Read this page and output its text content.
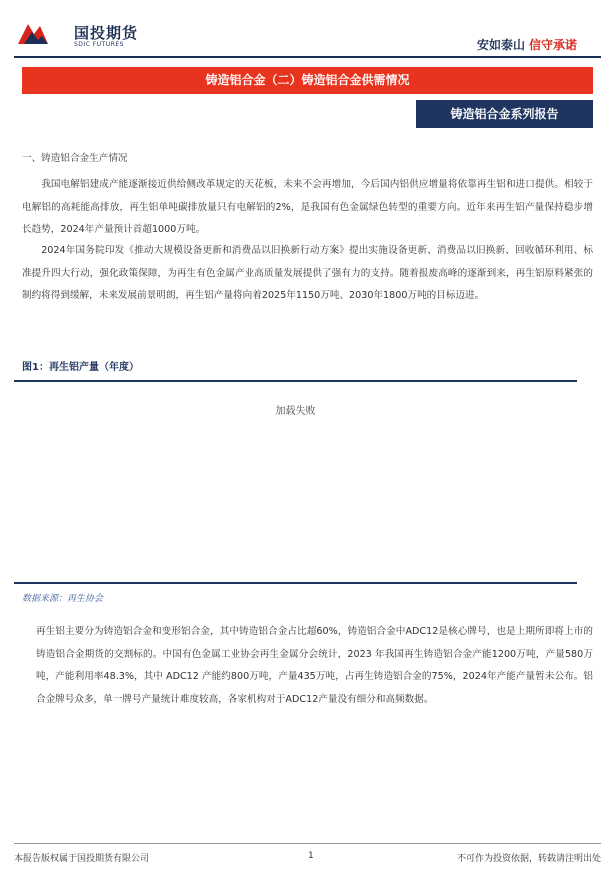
国投期货
SDIC FUTURES	安如泰山 信守承诺
铸造铝合金（二）铸造铝合金供需情况
铸造铝合金系列报告
一、铸造铝合金生产情况

我国电解铝建成产能逐渐接近供给侧改革规定的天花板，未来不会再增加，今后国内铝供应增量将依靠再生铝和进口提供。相较于电解铝的高耗能高排放，再生铝单吨碳排放量只有电解铝的2%，是我国有色金属绿色转型的重要方向。近年来再生铝产量保持稳步增长趋势，2024年产量预计首超1000万吨。

2024年国务院印发《推动大规模设备更新和消费品以旧换新行动方案》提出实施设备更新、消费品以旧换新、回收循环利用、标准提升四大行动，强化政策保障，为再生有色金属产业高质量发展提供了强有力的支持。随着报废高峰的逐渐到来，再生铝原料紧张的制约将得到缓解，未来发展前景明朗，再生铝产量将向着2025年1150万吨、2030年1800万吨的目标迈进。

图1：再生铝产量（年度）
加载失败
数据来源：再生协会

再生铝主要分为铸造铝合金和变形铝合金，其中铸造铝合金占比超60%，铸造铝合金中ADC12是核心牌号，也是上期所即将上市的铸造铝合金期货的交割标的。中国有色金属工业协会再生金属分会统计，2023 年我国再生铸造铝合金产能1200万吨，产量580万吨，产能利用率48.3%，其中 ADC12 产能约800万吨，产量435万吨，占再生铸造铝合金的75%，2024年产能产量暂未公布。铝合金牌号众多，单一牌号产量统计难度较高，各家机构对于ADC12产量没有细分和高频数据。

本报告版权属于国投期货有限公司	1	不可作为投资依据，转载请注明出处
